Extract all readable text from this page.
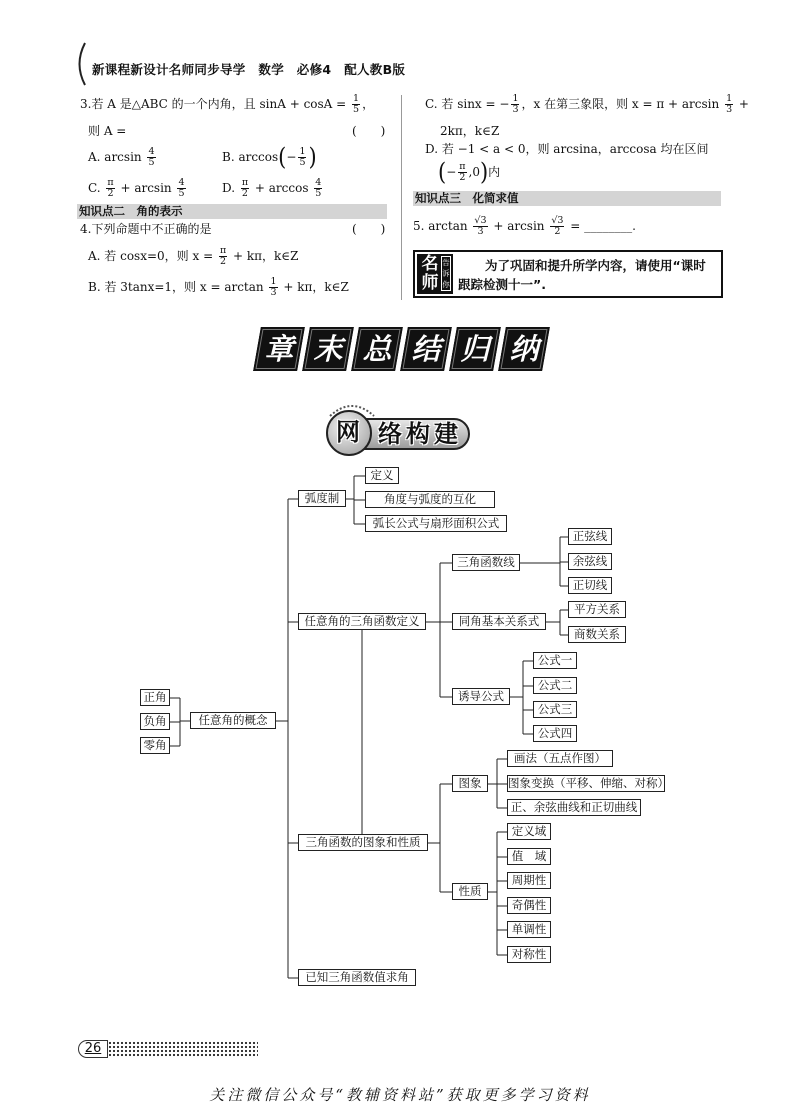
新课程新设计名师同步导学　数学　必修4　配人教B版
3.若 A 是△ABC 的一个内角，且 $\sin A + \cos A = \frac{1}{5}$ ，
则 A =	(　　)
A. $\arcsin \frac{4}{5}$	B. $\arccos(- \frac{1}{5}$ )
C. $\frac{\pi}{2} + \arcsin \frac{4}{5}$	D. $\frac{\pi}{2} + \arccos \frac{4}{5}$
知识点二　角的表示
4.下列命题中不正确的是	(　　)
A. 若 cosx=0，则 $x = \frac{\pi}{2} + k\pi$，k∈Z
B. 若 3tanx=1，则 $x = \arctan \frac{1}{3} + k\pi$，k∈Z
C. 若 sinx = − $\frac{1}{3}$ ，x 在第三象限，则 $x = \pi + \arcsin \frac{1}{3}$ +
2kπ，k∈Z
D. 若 −1 < a < 0，则 arcsina，arccosa 均在区间
(− $\frac{\pi}{2} ,0$)内
知识点三　化简求值
5. $\arctan \frac{√3}{3} + \arcsin \frac{√3}{2}$ = ________.
名
师
告
诉
你
为了巩固和提升所学内容，请使用“课时
跟踪检测十一”.
章 末 总 结 归 纳
网 络 构 建
正角
负角
零角
任意角的概念
弧度制
定义
角度与弧度的互化
弧长公式与扇形面积公式
任意角的三角函数定义
三角函数线
正弦线
余弦线
正切线
同角基本关系式
平方关系
商数关系
诱导公式
公式一
公式二
公式三
公式四
三角函数的图象和性质
图象
画法（五点作图）
图象变换（平移、伸缩、对称）
正、余弦曲线和正切曲线
性质
定义域
值　域
周期性
奇偶性
单调性
对称性
已知三角函数值求角
26
关注微信公众号“教辅资料站”获取更多学习资料
